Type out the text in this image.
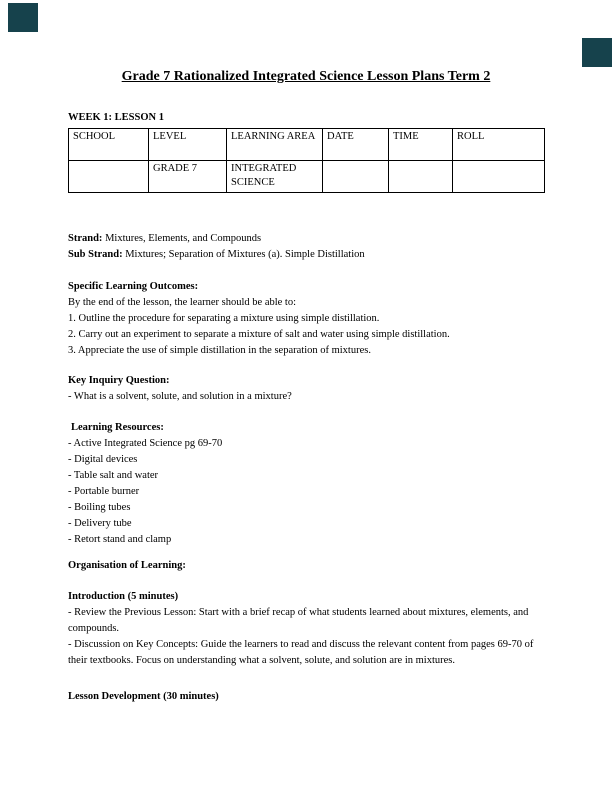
Grade 7 Rationalized Integrated Science Lesson Plans Term 2

WEEK 1: LESSON 1

SCHOOL	LEVEL	LEARNING AREA	DATE	TIME	ROLL
	GRADE 7	INTEGRATED SCIENCE			

Strand: Mixtures, Elements, and Compounds

Sub Strand: Mixtures; Separation of Mixtures (a). Simple Distillation

Specific Learning Outcomes:

By the end of the lesson, the learner should be able to:

1. Outline the procedure for separating a mixture using simple distillation.

2. Carry out an experiment to separate a mixture of salt and water using simple distillation.

3. Appreciate the use of simple distillation in the separation of mixtures.

Key Inquiry Question:

- What is a solvent, solute, and solution in a mixture?

Learning Resources:

- Active Integrated Science pg 69-70

- Digital devices

- Table salt and water

- Portable burner

- Boiling tubes

- Delivery tube

- Retort stand and clamp

Organisation of Learning:

Introduction (5 minutes)

- Review the Previous Lesson: Start with a brief recap of what students learned about mixtures, elements, and compounds.

- Discussion on Key Concepts: Guide the learners to read and discuss the relevant content from pages 69-70 of their textbooks. Focus on understanding what a solvent, solute, and solution are in mixtures.

Lesson Development (30 minutes)
